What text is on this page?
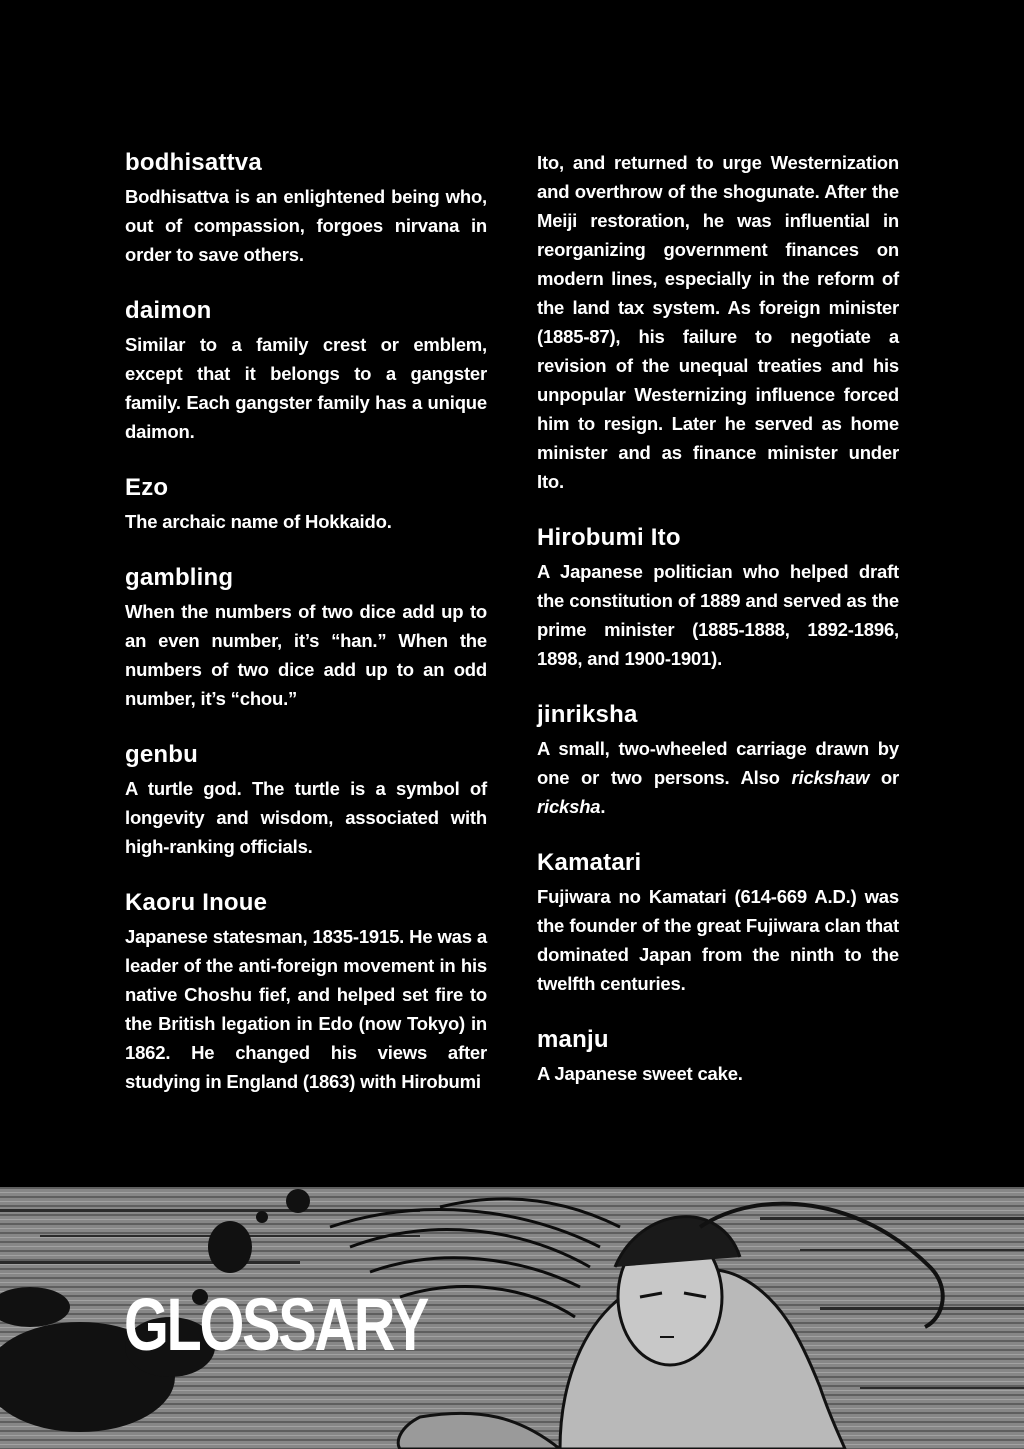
bodhisattva

Bodhisattva is an enlightened being who, out of compassion, forgoes nirvana in order to save others.

daimon

Similar to a family crest or emblem, except that it belongs to a gangster family. Each gangster family has a unique daimon.

Ezo

The archaic name of Hokkaido.

gambling

When the numbers of two dice add up to an even number, it’s “han.” When the numbers of two dice add up to an odd number, it’s “chou.”

genbu

A turtle god. The turtle is a symbol of longevity and wisdom, associated with high-ranking officials.

Kaoru Inoue

Japanese statesman, 1835-1915. He was a leader of the anti-foreign movement in his native Choshu fief, and helped set fire to the British legation in Edo (now Tokyo) in 1862. He changed his views after studying in England (1863) with Hirobumi

Ito, and returned to urge Westernization and overthrow of the shogunate. After the Meiji restoration, he was influential in reorganizing government finances on modern lines, especially in the reform of the land tax system. As foreign minister (1885-87), his failure to negotiate a revision of the unequal treaties and his unpopular Westernizing influence forced him to resign. Later he served as home minister and as finance minister under Ito.

Hirobumi Ito

A Japanese politician who helped draft the constitution of 1889 and served as the prime minister (1885-1888, 1892-1896, 1898, and 1900-1901).

jinriksha

A small, two-wheeled carriage drawn by one or two persons. Also rickshaw or ricksha.

Kamatari

Fujiwara no Kamatari (614-669 A.D.) was the founder of the great Fujiwara clan that dominated Japan from the ninth to the twelfth centuries.

manju

A Japanese sweet cake.

GLOSSARY
